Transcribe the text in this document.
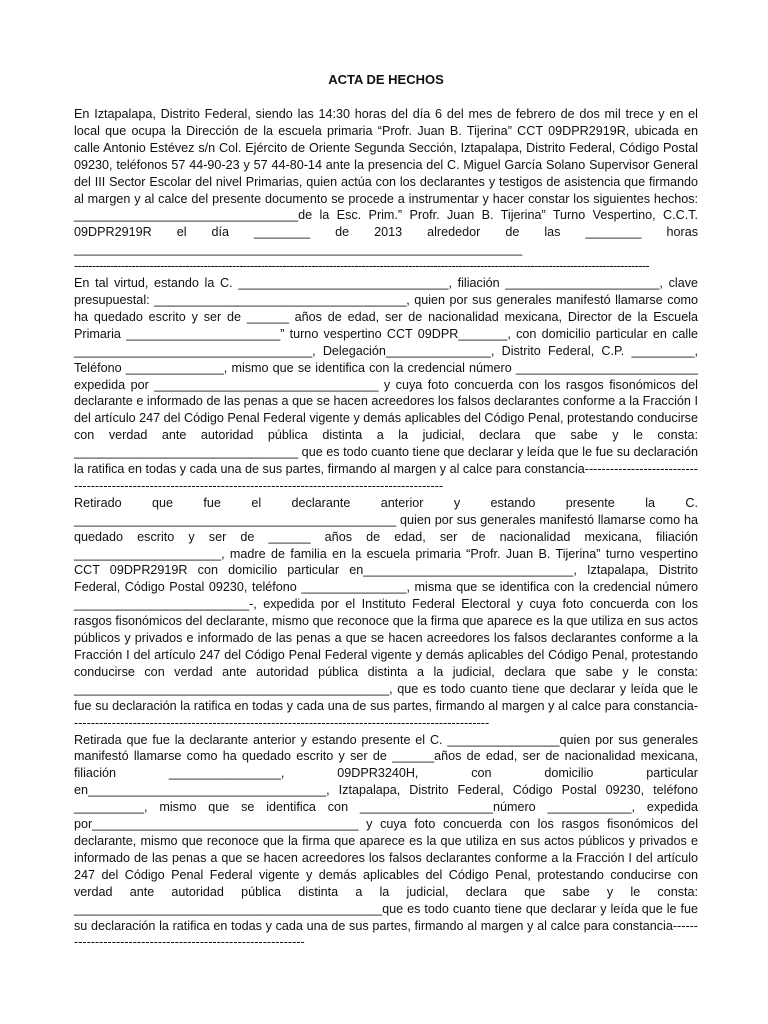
ACTA DE HECHOS

En Iztapalapa, Distrito Federal, siendo las 14:30 horas del día 6 del mes de febrero de dos mil trece y en el local que ocupa la Dirección de la escuela primaria “Profr. Juan B. Tijerina” CCT 09DPR2919R, ubicada en calle Antonio Estévez s/n Col. Ejército de Oriente Segunda Sección, Iztapalapa, Distrito Federal, Código Postal 09230, teléfonos 57 44-90-23 y 57 44-80-14 ante la presencia del C. Miguel García Solano Supervisor General del III Sector Escolar del nivel Primarias, quien actúa con los declarantes y testigos de asistencia que firmando al margen y al calce del presente documento se procede a instrumentar y hacer constar los siguientes hechos: ________________________________de la Esc. Prim.” Profr. Juan B. Tijerina” Turno Vespertino, C.C.T. 09DPR2919R el día ________ de 2013 alrededor de las ________ horas ________________________________________________________________

----------------------------------------------------------------------------------------------------------------------------------------------------------------

En tal virtud, estando la C. ______________________________, filiación ______________________, clave presupuestal: ____________________________________, quien por sus generales manifestó llamarse como ha quedado escrito y ser de ______ años de edad, ser de nacionalidad mexicana, Director de la Escuela Primaria ______________________” turno vespertino CCT 09DPR_______, con domicilio particular en calle __________________________________, Delegación_______________, Distrito Federal, C.P. _________, Teléfono ______________, mismo que se identifica con la credencial número __________________________ expedida por ________________________________ y cuya foto concuerda con los rasgos fisonómicos del declarante e informado de las penas a que se hacen acreedores los falsos declarantes conforme a la Fracción I del artículo 247 del Código Penal Federal vigente y demás aplicables del Código Penal, protestando conducirse con verdad ante autoridad pública distinta a la judicial, declara que sabe y le consta: ________________________________ que es todo cuanto tiene que declarar y leída que le fue su declaración la ratifica en todas y cada una de sus partes, firmando al margen y al calce para constancia-------------------------------------------------------------------------------------------------------------------

Retirado que fue el declarante anterior y estando presente la C. ______________________________________________ quien por sus generales manifestó llamarse como ha quedado escrito y ser de ______ años de edad, ser de nacionalidad mexicana, filiación _____________________, madre de familia en la escuela primaria “Profr. Juan B. Tijerina” turno vespertino CCT 09DPR2919R con domicilio particular en______________________________, Iztapalapa, Distrito Federal, Código Postal 09230, teléfono _______________, misma que se identifica con la credencial número _________________________-, expedida por el Instituto Federal Electoral y cuya foto concuerda con los rasgos fisonómicos del declarante, mismo que reconoce que la firma que aparece es la que utiliza en sus actos públicos y privados e informado de las penas a que se hacen acreedores los falsos declarantes conforme a la Fracción I del artículo 247 del Código Penal Federal vigente y demás aplicables del Código Penal, protestando conducirse con verdad ante autoridad pública distinta a la judicial, declara que sabe y le consta: _____________________________________________, que es todo cuanto tiene que declarar y leída que le fue su declaración la ratifica en todas y cada una de sus partes, firmando al margen y al calce para constancia----------------------------------------------------------------------------------------------------

Retirada que fue la declarante anterior y estando presente el C. ________________quien por sus generales manifestó llamarse como ha quedado escrito y ser de ______años de edad, ser de nacionalidad mexicana, filiación ________________, 09DPR3240H, con domicilio particular en__________________________________, Iztapalapa, Distrito Federal, Código Postal 09230, teléfono __________, mismo que se identifica con ___________________número ____________, expedida por______________________________________ y cuya foto concuerda con los rasgos fisonómicos del declarante, mismo que reconoce que la firma que aparece es la que utiliza en sus actos públicos y privados e informado de las penas a que se hacen acreedores los falsos declarantes conforme a la Fracción I del artículo 247 del Código Penal Federal vigente y demás aplicables del Código Penal, protestando conducirse con verdad ante autoridad pública distinta a la judicial, declara que sabe y le consta: ____________________________________________que es todo cuanto tiene que declarar y leída que le fue su declaración la ratifica en todas y cada una de sus partes, firmando al margen y al calce para constancia-------------------------------------------------------------
